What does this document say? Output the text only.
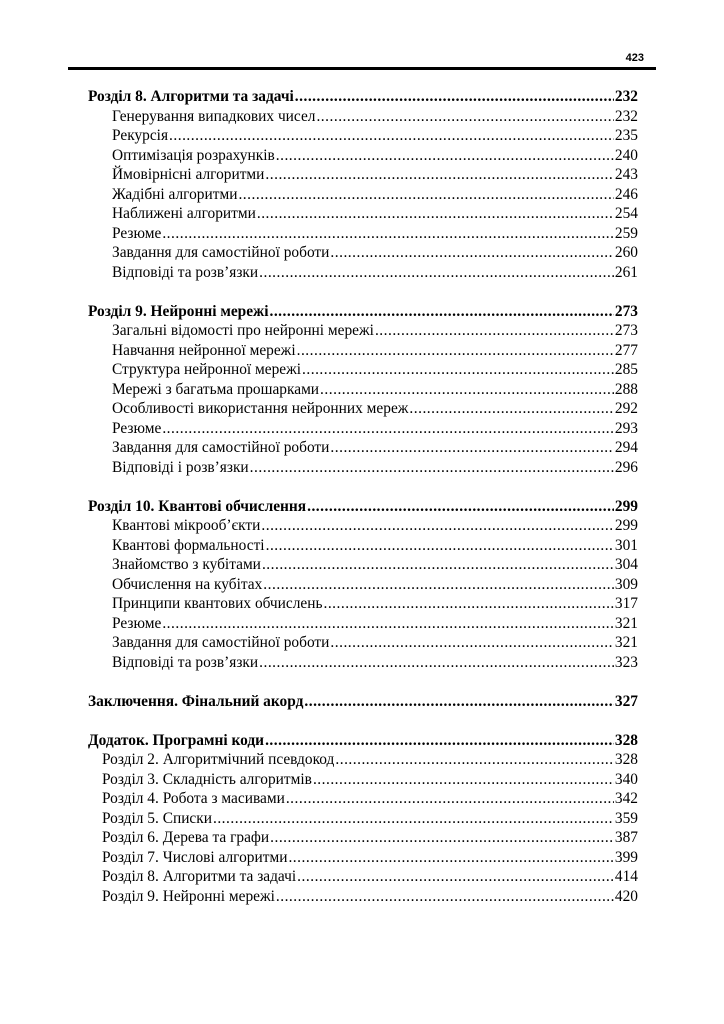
423
Розділ 8. Алгоритми та задачі .....	232
Генерування випадкових чисел .....	232
Рекурсія .....	235
Оптимізація розрахунків .....	240
Ймовірнісні алгоритми .....	243
Жадібні алгоритми .....	246
Наближені алгоритми .....	254
Резюме .....	259
Завдання для самостійної роботи .....	260
Відповіді та розв’язки .....	261
Розділ 9. Нейронні мережі .....	273
Загальні відомості про нейронні мережі .....	273
Навчання нейронної мережі .....	277
Структура нейронної мережі .....	285
Мережі з багатьма прошарками .....	288
Особливості використання нейронних мереж .....	292
Резюме .....	293
Завдання для самостійної роботи .....	294
Відповіді і розв’язки .....	296
Розділ 10. Квантові обчислення .....	299
Квантові мікрооб’єкти .....	299
Квантові формальності .....	301
Знайомство з кубітами .....	304
Обчислення на кубітах .....	309
Принципи квантових обчислень .....	317
Резюме .....	321
Завдання для самостійної роботи .....	321
Відповіді та розв’язки .....	323
Заключення. Фінальний акорд .....	327
Додаток. Програмні коди .....	328
Розділ 2. Алгоритмічний псевдокод .....	328
Розділ 3. Складність алгоритмів .....	340
Розділ 4. Робота з масивами .....	342
Розділ 5. Списки .....	359
Розділ 6. Дерева та графи .....	387
Розділ 7. Числові алгоритми .....	399
Розділ 8. Алгоритми та задачі .....	414
Розділ 9. Нейронні мережі .....	420
